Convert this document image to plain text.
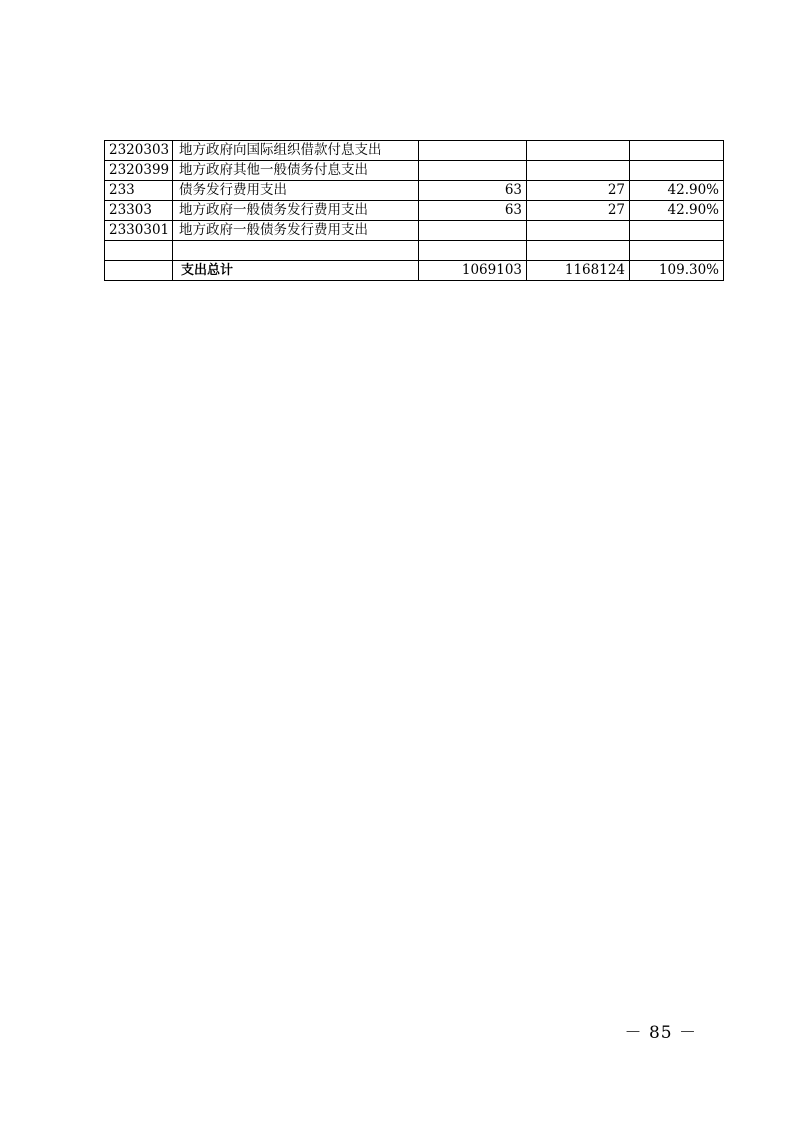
2320303	地方政府向国际组织借款付息支出			
2320399	地方政府其他一般债务付息支出			
233	债务发行费用支出	63	27	42.90%
23303	地方政府一般债务发行费用支出	63	27	42.90%
2330301	地方政府一般债务发行费用支出			

	支出总计	1069103	1168124	109.30%
－ 85 －
